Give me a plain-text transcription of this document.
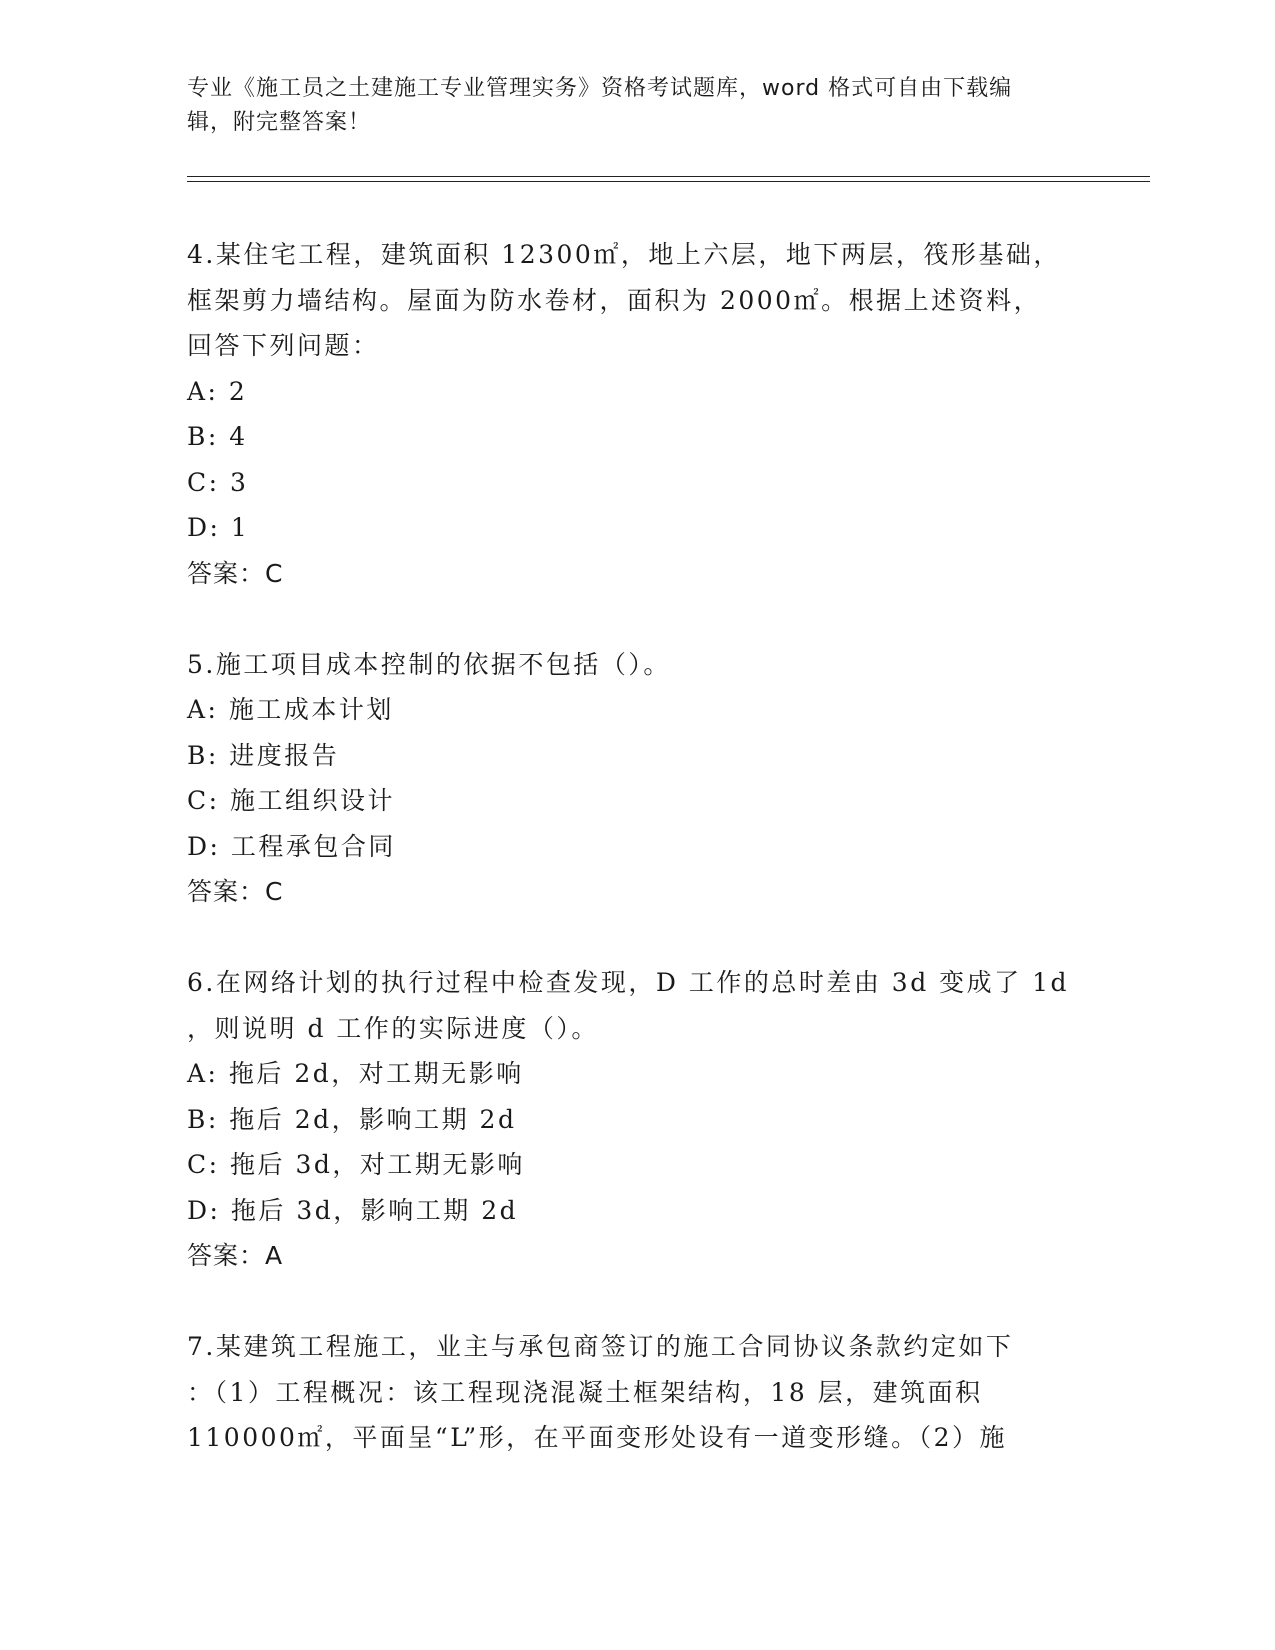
专业《施工员之土建施工专业管理实务》资格考试题库，word 格式可自由下载编
辑，附完整答案！
4.某住宅工程，建筑面积 12300㎡，地上六层，地下两层，筏形基础，
框架剪力墙结构。屋面为防水卷材，面积为 2000㎡。根据上述资料，
回答下列问题：
A: 2
B: 4
C: 3
D: 1
答案：C
5.施工项目成本控制的依据不包括（）。
A: 施工成本计划
B: 进度报告
C: 施工组织设计
D: 工程承包合同
答案：C
6.在网络计划的执行过程中检查发现，D 工作的总时差由 3d 变成了 1d
，则说明 d 工作的实际进度（）。
A: 拖后 2d，对工期无影响
B: 拖后 2d，影响工期 2d
C: 拖后 3d，对工期无影响
D: 拖后 3d，影响工期 2d
答案：A
7.某建筑工程施工，业主与承包商签订的施工合同协议条款约定如下
：（1）工程概况：该工程现浇混凝土框架结构，18 层，建筑面积
110000㎡，平面呈“L”形，在平面变形处设有一道变形缝。（2）施
